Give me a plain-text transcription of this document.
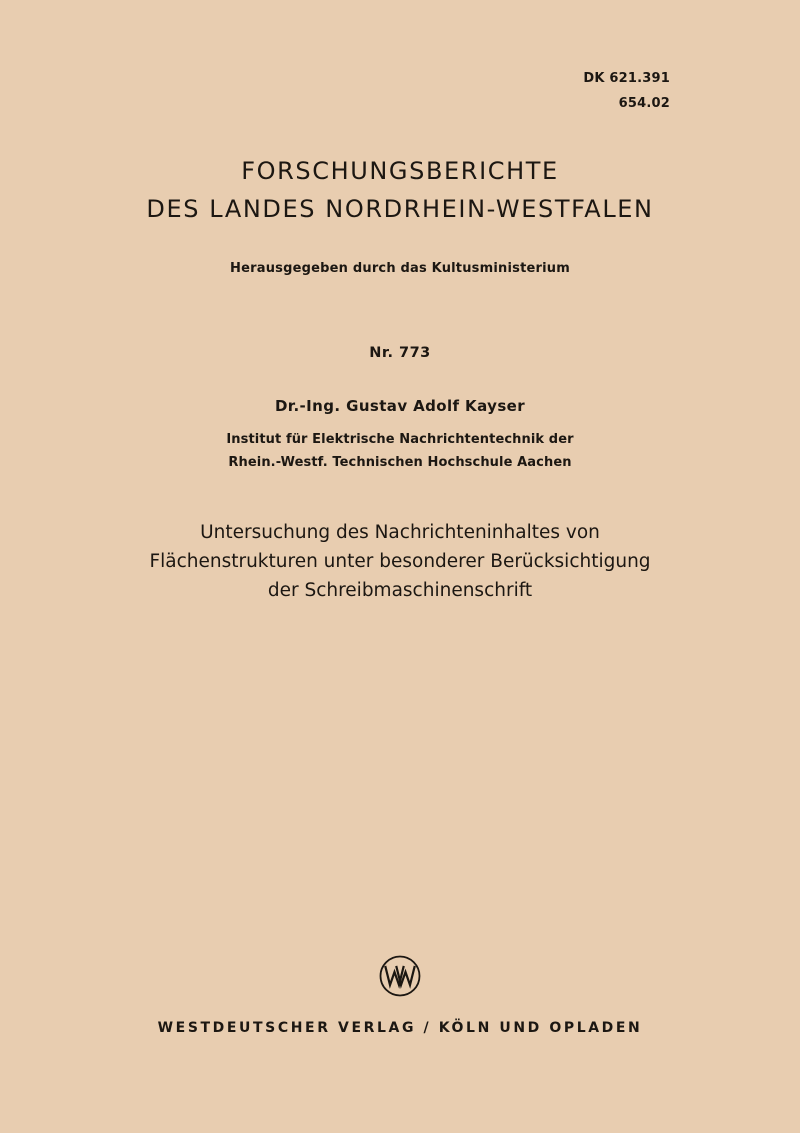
DK 621.391
654.02
FORSCHUNGSBERICHTE
DES LANDES NORDRHEIN-WESTFALEN
Herausgegeben durch das Kultusministerium
Nr. 773
Dr.-Ing. Gustav Adolf Kayser
Institut für Elektrische Nachrichtentechnik der
Rhein.-Westf. Technischen Hochschule Aachen
Untersuchung des Nachrichteninhaltes von
Flächenstrukturen unter besonderer Berücksichtigung
der Schreibmaschinenschrift
WESTDEUTSCHER VERLAG / KÖLN UND OPLADEN
